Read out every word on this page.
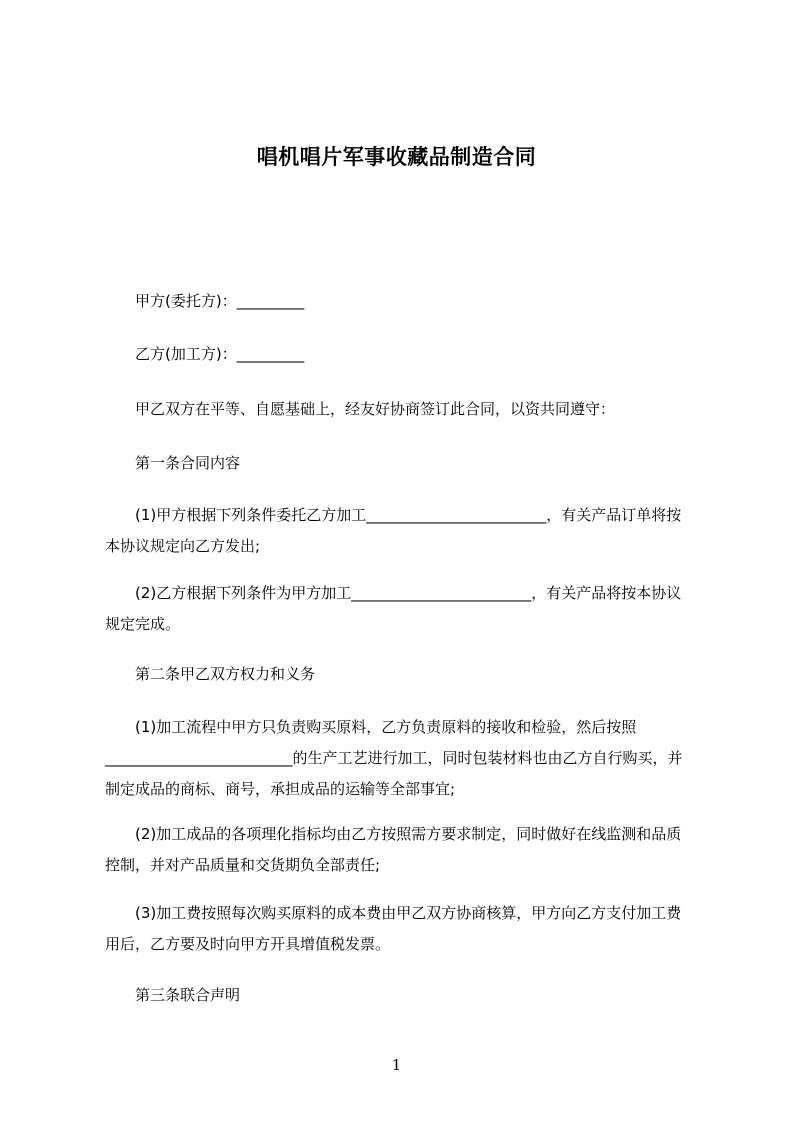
唱机唱片军事收藏品制造合同

甲方(委托方)：_________

乙方(加工方)：_________

甲乙双方在平等、自愿基础上，经友好协商签订此合同，以资共同遵守：

第一条合同内容

(1)甲方根据下列条件委托乙方加工________________________，有关产品订单将按本协议规定向乙方发出;

(2)乙方根据下列条件为甲方加工________________________，有关产品将按本协议规定完成。

第二条甲乙双方权力和义务

(1)加工流程中甲方只负责购买原料，乙方负责原料的接收和检验，然后按照_________________________的生产工艺进行加工，同时包装材料也由乙方自行购买，并制定成品的商标、商号，承担成品的运输等全部事宜;

(2)加工成品的各项理化指标均由乙方按照需方要求制定，同时做好在线监测和品质控制，并对产品质量和交货期负全部责任;

(3)加工费按照每次购买原料的成本费由甲乙双方协商核算，甲方向乙方支付加工费用后，乙方要及时向甲方开具增值税发票。

第三条联合声明

1
